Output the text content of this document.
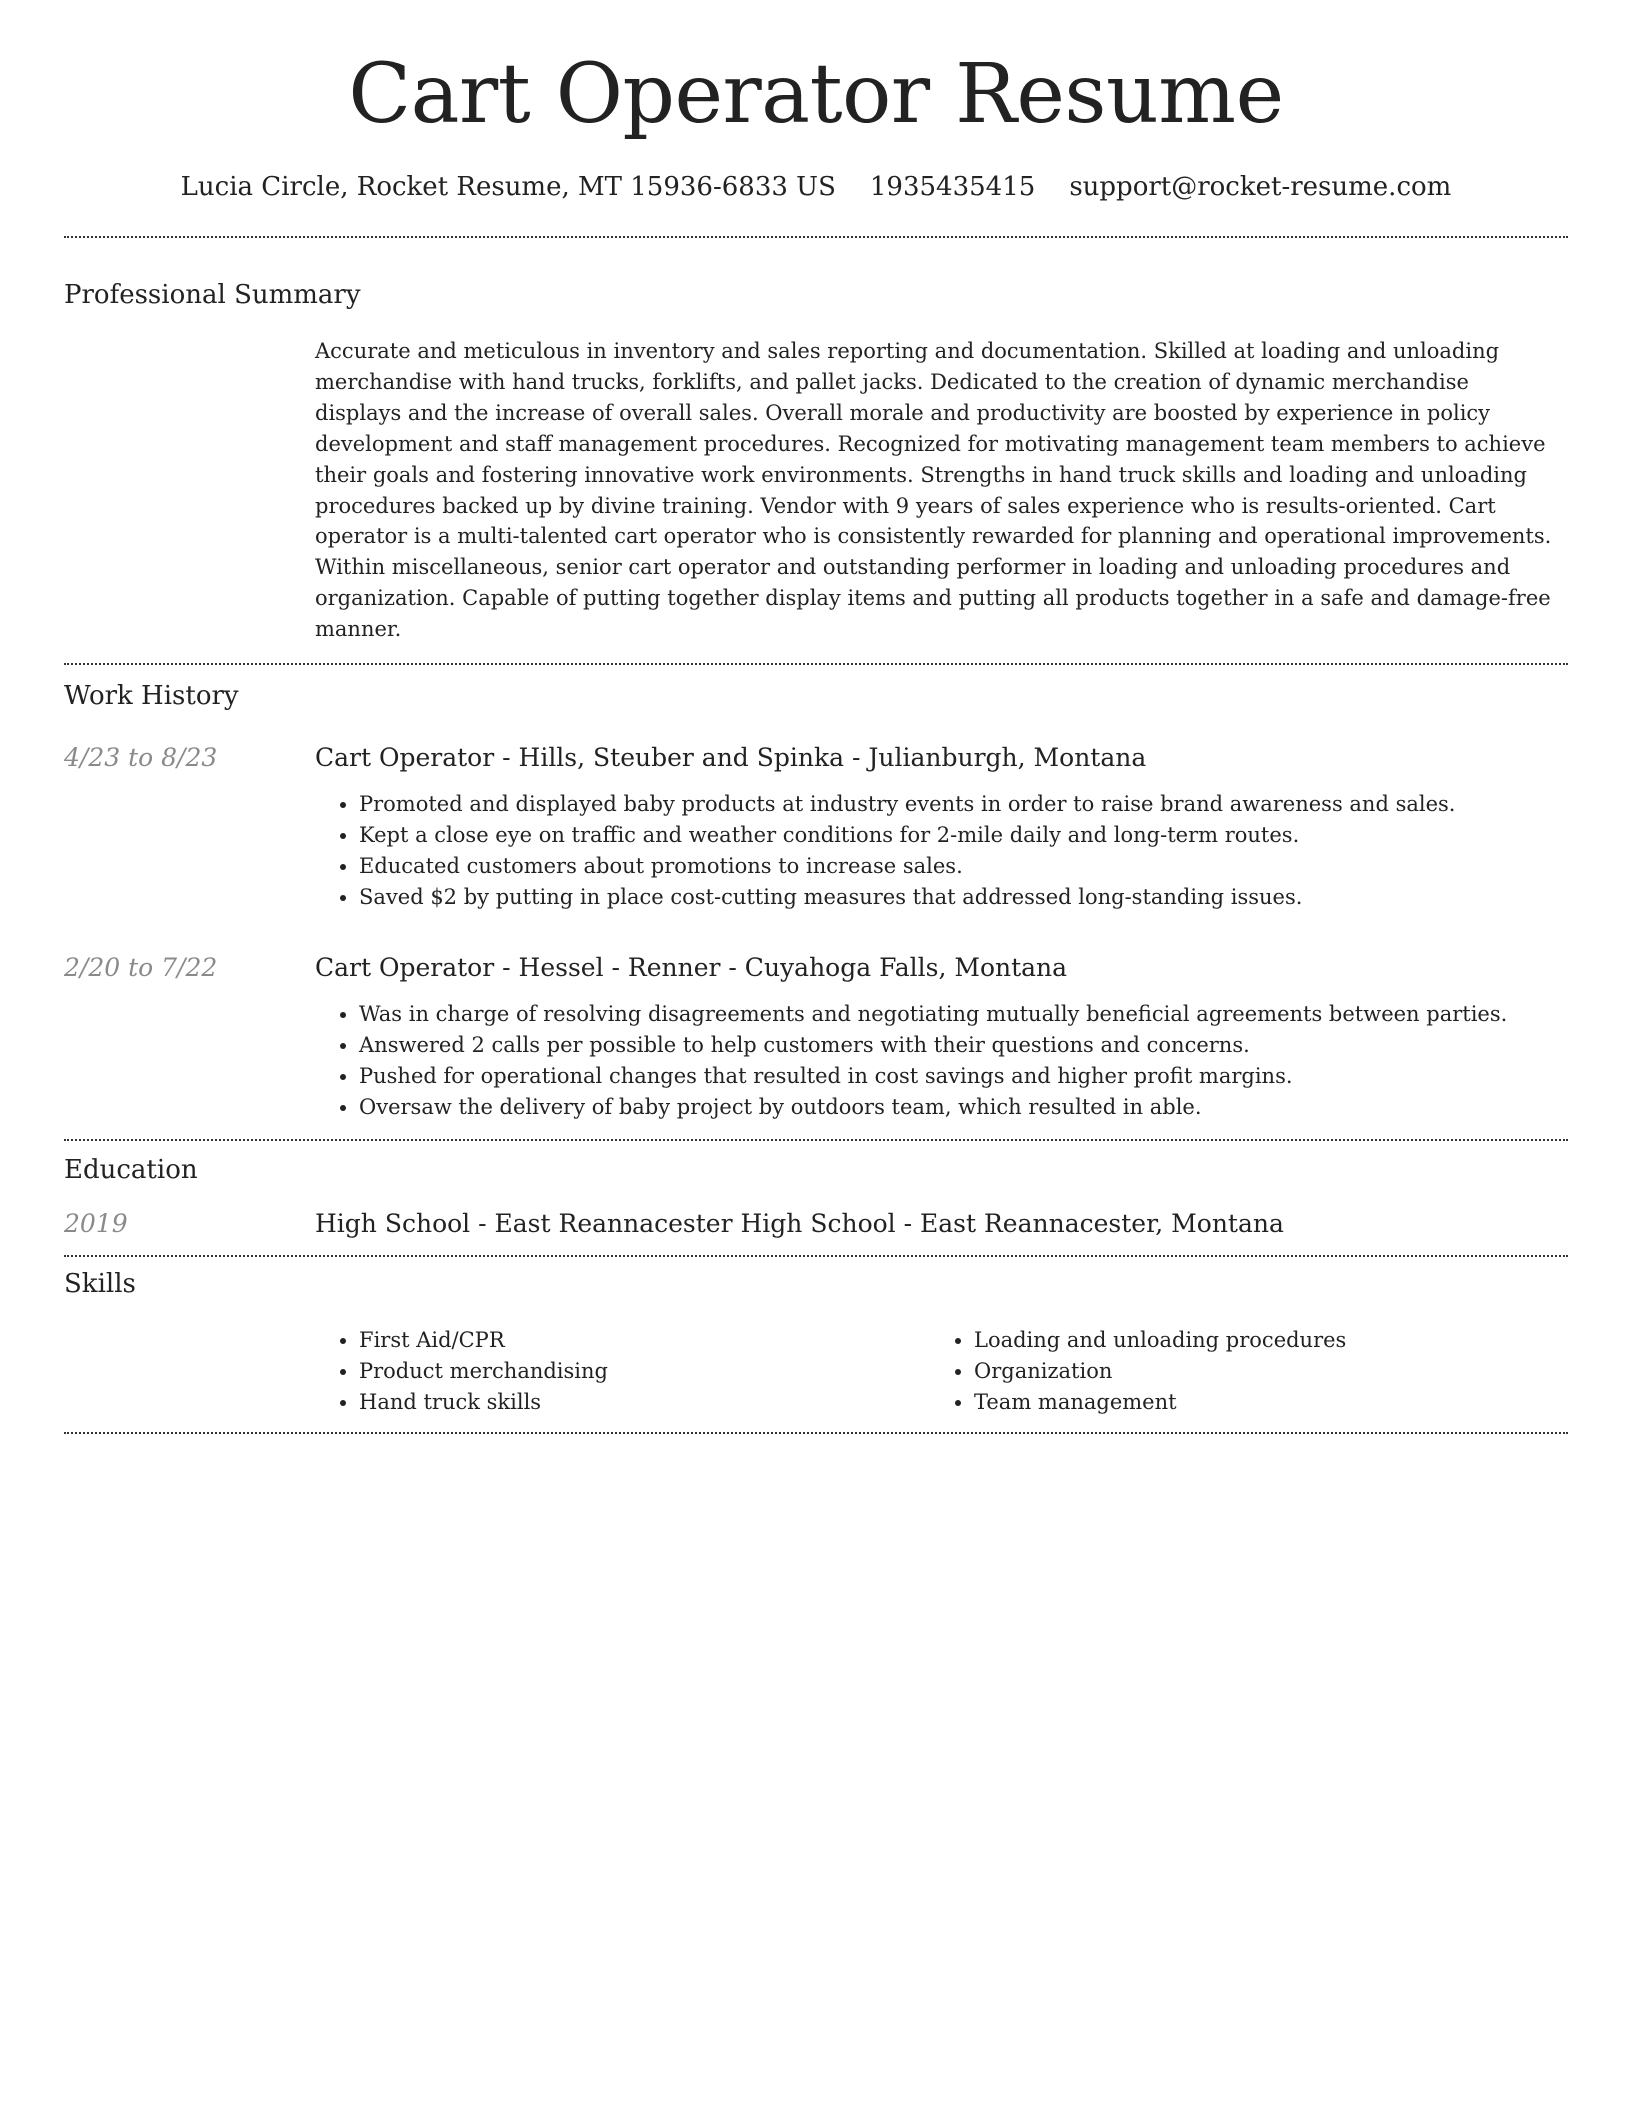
Cart Operator Resume
Lucia Circle, Rocket Resume, MT 15936-6833 US 1935435415 support@rocket-resume.com
Professional Summary

Accurate and meticulous in inventory and sales reporting and documentation. Skilled at loading and unloading merchandise with hand trucks, forklifts, and pallet jacks. Dedicated to the creation of dynamic merchandise displays and the increase of overall sales. Overall morale and productivity are boosted by experience in policy development and staff management procedures. Recognized for motivating management team members to achieve their goals and fostering innovative work environments. Strengths in hand truck skills and loading and unloading procedures backed up by divine training. Vendor with 9 years of sales experience who is results-oriented. Cart operator is a multi-talented cart operator who is consistently rewarded for planning and operational improvements. Within miscellaneous, senior cart operator and outstanding performer in loading and unloading procedures and organization. Capable of putting together display items and putting all products together in a safe and damage-free manner.

Work History
4/23 to 8/23	Cart Operator - Hills, Steuber and Spinka - Julianburgh, Montana
• Promoted and displayed baby products at industry events in order to raise brand awareness and sales.
• Kept a close eye on traffic and weather conditions for 2-mile daily and long-term routes.
• Educated customers about promotions to increase sales.
• Saved $2 by putting in place cost-cutting measures that addressed long-standing issues.
2/20 to 7/22	Cart Operator - Hessel - Renner - Cuyahoga Falls, Montana
• Was in charge of resolving disagreements and negotiating mutually beneficial agreements between parties.
• Answered 2 calls per possible to help customers with their questions and concerns.
• Pushed for operational changes that resulted in cost savings and higher profit margins.
• Oversaw the delivery of baby project by outdoors team, which resulted in able.
Education
2019	High School - East Reannacester High School - East Reannacester, Montana
Skills
• First Aid/CPR
• Product merchandising
• Hand truck skills
• Loading and unloading procedures
• Organization
• Team management
